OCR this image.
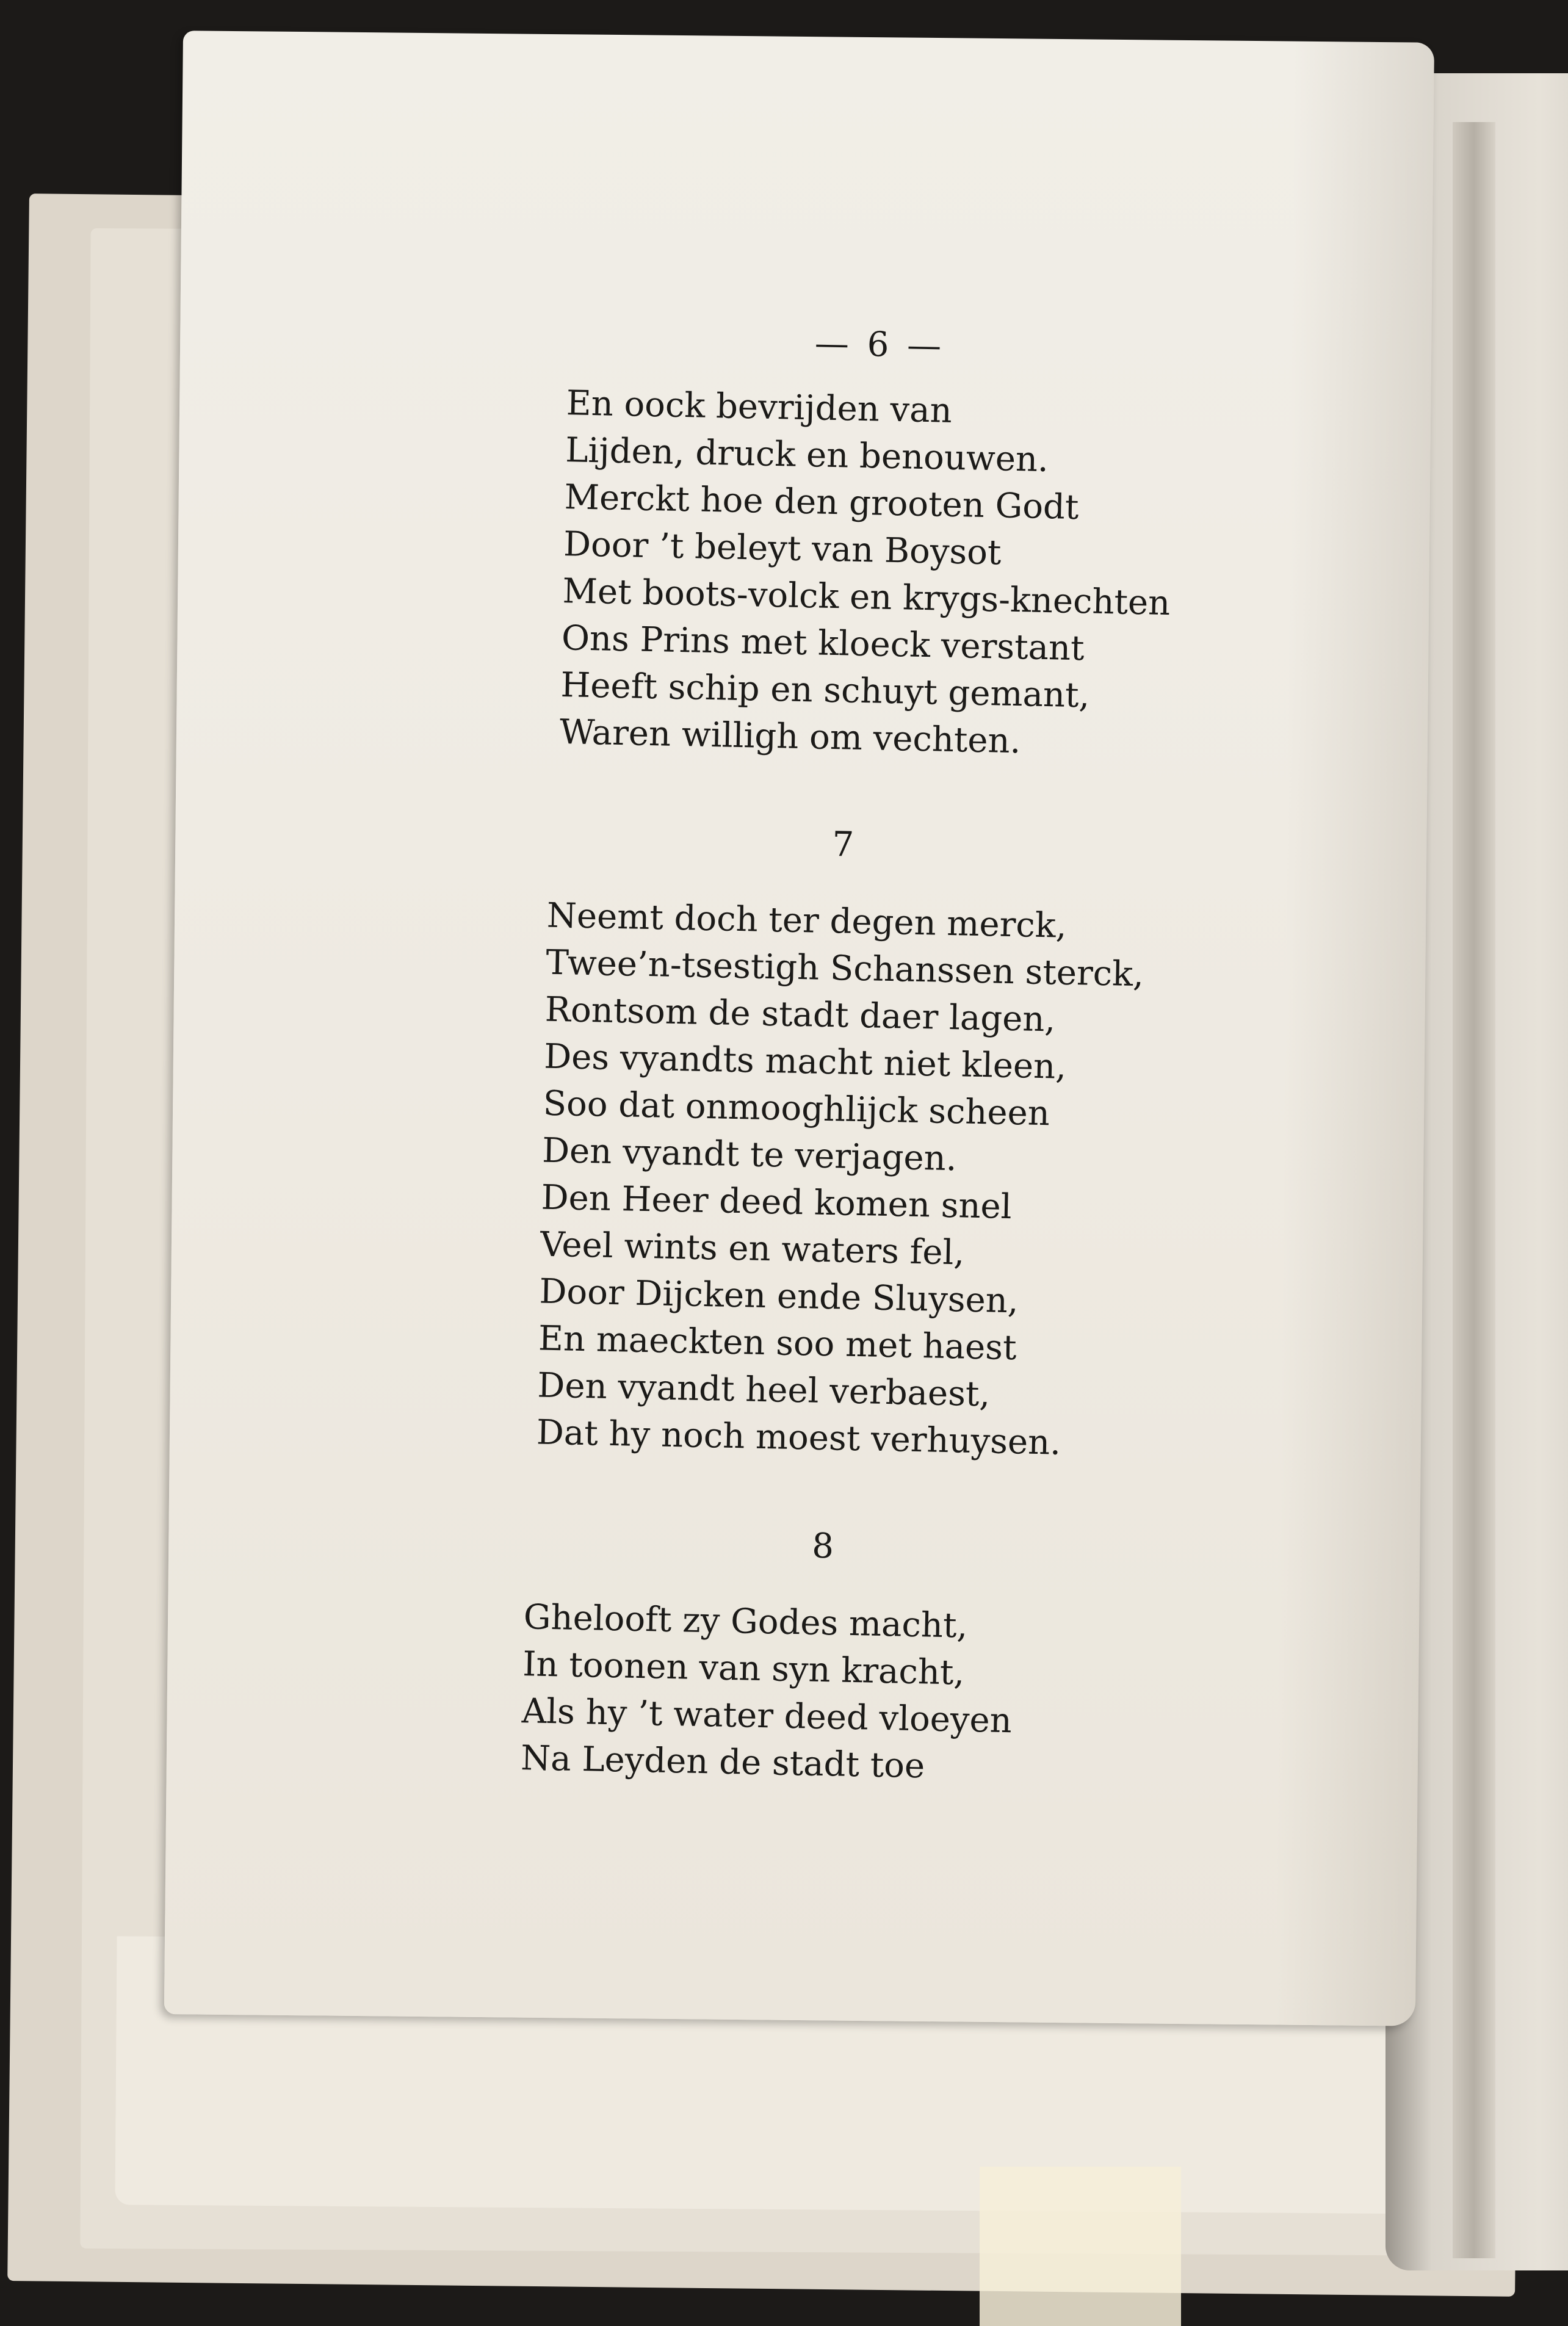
— 6 —
En oock bevrijden van
Lijden, druck en benouwen.
Merckt hoe den grooten Godt
Door ’t beleyt van Boysot
Met boots-volck en krygs-knechten
Ons Prins met kloeck verstant
Heeft schip en schuyt gemant,
Waren willigh om vechten.
7
Neemt doch ter degen merck,
Twee’n-tsestigh Schanssen sterck,
Rontsom de stadt daer lagen,
Des vyandts macht niet kleen,
Soo dat onmooghlijck scheen
Den vyandt te verjagen.
Den Heer deed komen snel
Veel wints en waters fel,
Door Dijcken ende Sluysen,
En maeckten soo met haest
Den vyandt heel verbaest,
Dat hy noch moest verhuysen.
8
Ghelooft zy Godes macht,
In toonen van syn kracht,
Als hy ’t water deed vloeyen
Na Leyden de stadt toe
